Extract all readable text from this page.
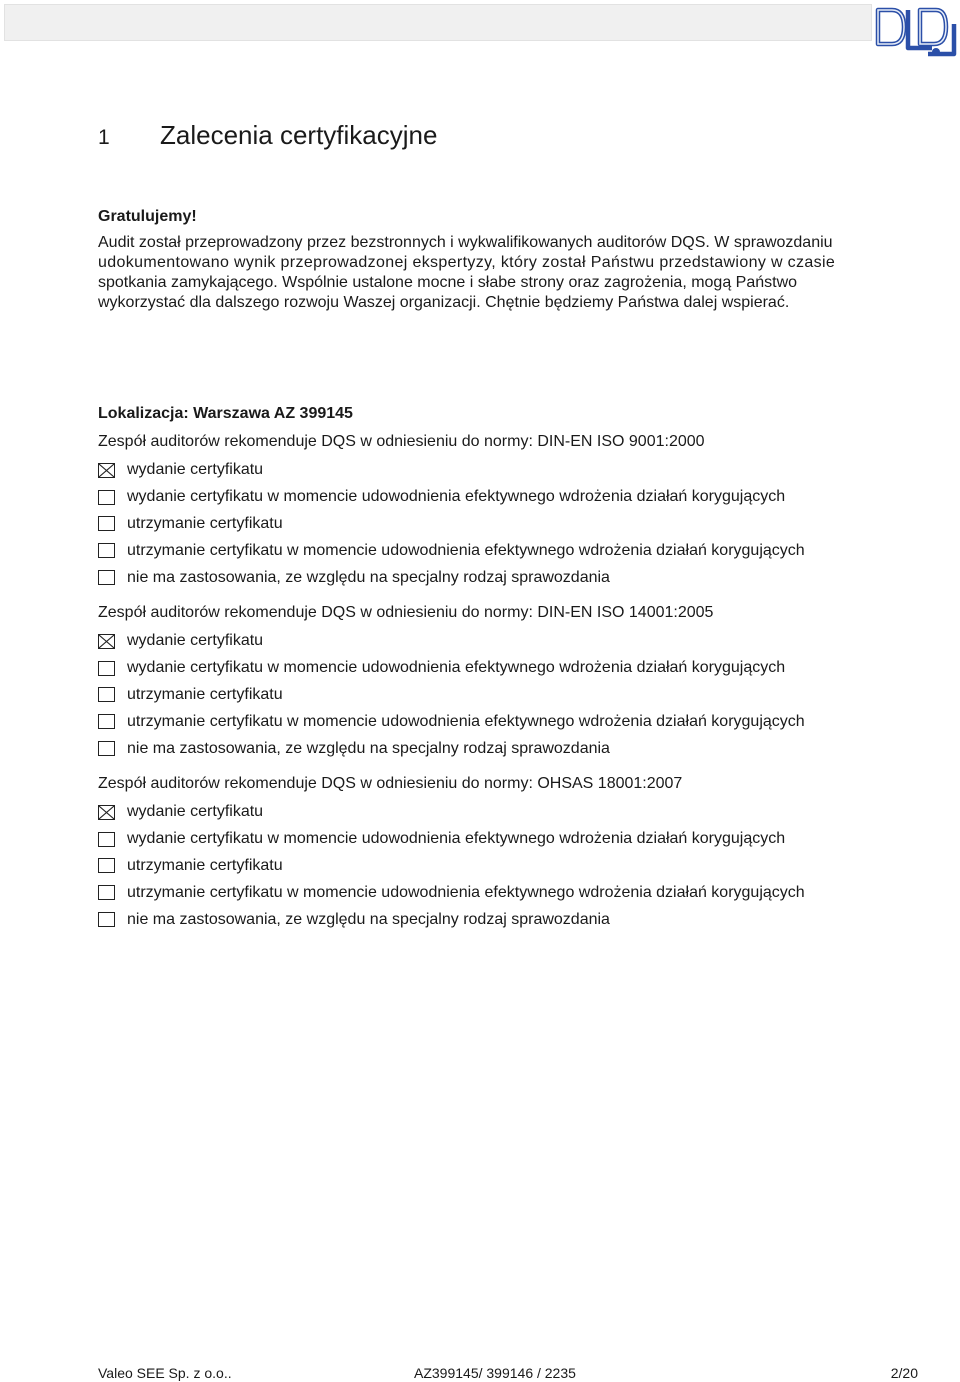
1 Zalecenia certyfikacyjne
Gratulujemy!

Audit został przeprowadzony przez bezstronnych i wykwalifikowanych auditorów DQS. W sprawozdaniu
udokumentowano wynik przeprowadzonej ekspertyzy, który został Państwu przedstawiony w czasie
spotkania zamykającego. Wspólnie ustalone mocne i słabe strony oraz zagrożenia, mogą Państwo
wykorzystać dla dalszego rozwoju Waszej organizacji. Chętnie będziemy Państwa dalej wspierać.

Lokalizacja: Warszawa AZ 399145
Zespół auditorów rekomenduje DQS w odniesieniu do normy: DIN-EN ISO 9001:2000
wydanie certyfikatu
wydanie certyfikatu w momencie udowodnienia efektywnego wdrożenia działań korygujących
utrzymanie certyfikatu
utrzymanie certyfikatu w momencie udowodnienia efektywnego wdrożenia działań korygujących
nie ma zastosowania, ze względu na specjalny rodzaj sprawozdania
Zespół auditorów rekomenduje DQS w odniesieniu do normy: DIN-EN ISO 14001:2005
wydanie certyfikatu
wydanie certyfikatu w momencie udowodnienia efektywnego wdrożenia działań korygujących
utrzymanie certyfikatu
utrzymanie certyfikatu w momencie udowodnienia efektywnego wdrożenia działań korygujących
nie ma zastosowania, ze względu na specjalny rodzaj sprawozdania
Zespół auditorów rekomenduje DQS w odniesieniu do normy: OHSAS 18001:2007
wydanie certyfikatu
wydanie certyfikatu w momencie udowodnienia efektywnego wdrożenia działań korygujących
utrzymanie certyfikatu
utrzymanie certyfikatu w momencie udowodnienia efektywnego wdrożenia działań korygujących
nie ma zastosowania, ze względu na specjalny rodzaj sprawozdania
Valeo SEE Sp. z o.o..	AZ399145/ 399146 / 2235	2/20
